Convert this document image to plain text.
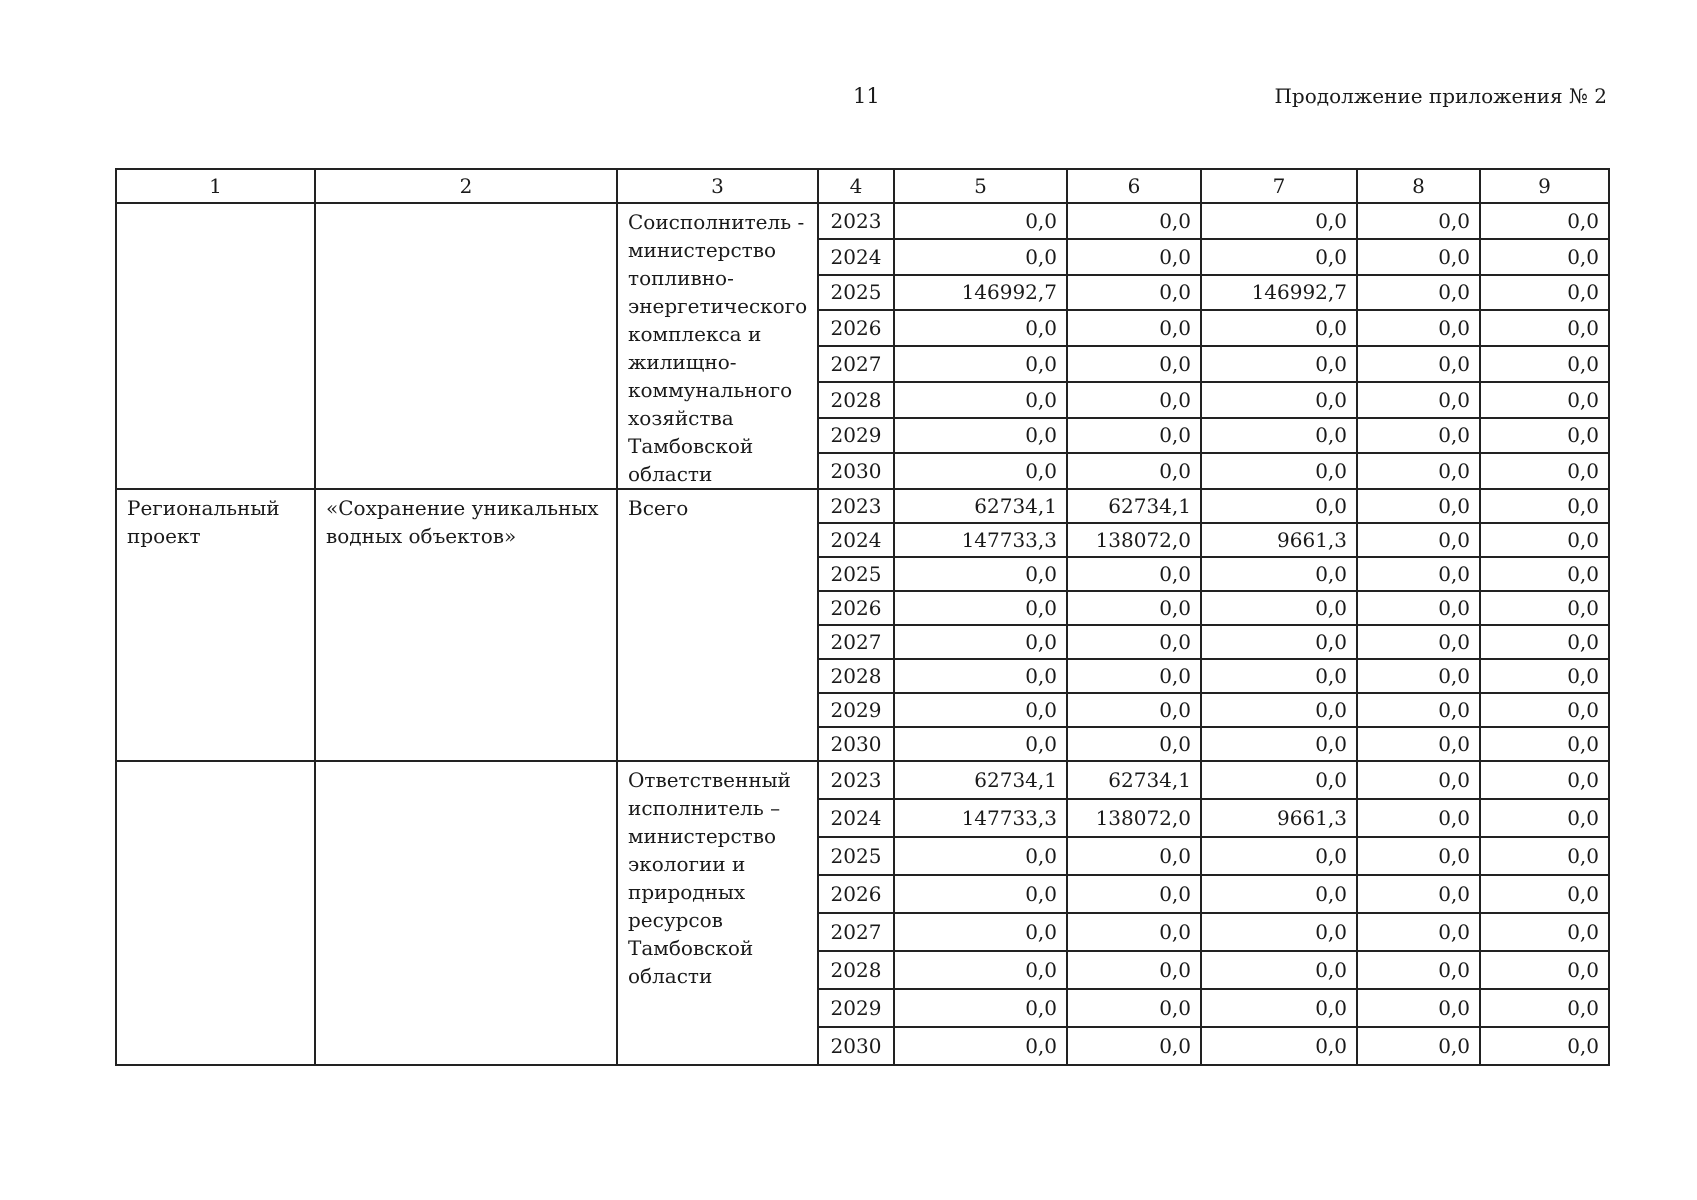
11	Продолжение приложения № 2
1	2	3	4	5	6	7	8	9
		Соисполнитель - министерство топливно-энергетического комплекса и жилищно-коммунального хозяйства Тамбовской области	2023	0,0	0,0	0,0	0,0	0,0
			2024	0,0	0,0	0,0	0,0	0,0
			2025	146992,7	0,0	146992,7	0,0	0,0
			2026	0,0	0,0	0,0	0,0	0,0
			2027	0,0	0,0	0,0	0,0	0,0
			2028	0,0	0,0	0,0	0,0	0,0
			2029	0,0	0,0	0,0	0,0	0,0
			2030	0,0	0,0	0,0	0,0	0,0
Региональный проект	«Сохранение уникальных водных объектов»	Всего	2023	62734,1	62734,1	0,0	0,0	0,0
			2024	147733,3	138072,0	9661,3	0,0	0,0
			2025	0,0	0,0	0,0	0,0	0,0
			2026	0,0	0,0	0,0	0,0	0,0
			2027	0,0	0,0	0,0	0,0	0,0
			2028	0,0	0,0	0,0	0,0	0,0
			2029	0,0	0,0	0,0	0,0	0,0
			2030	0,0	0,0	0,0	0,0	0,0
		Ответственный исполнитель – министерство экологии и природных ресурсов Тамбовской области	2023	62734,1	62734,1	0,0	0,0	0,0
			2024	147733,3	138072,0	9661,3	0,0	0,0
			2025	0,0	0,0	0,0	0,0	0,0
			2026	0,0	0,0	0,0	0,0	0,0
			2027	0,0	0,0	0,0	0,0	0,0
			2028	0,0	0,0	0,0	0,0	0,0
			2029	0,0	0,0	0,0	0,0	0,0
			2030	0,0	0,0	0,0	0,0	0,0
